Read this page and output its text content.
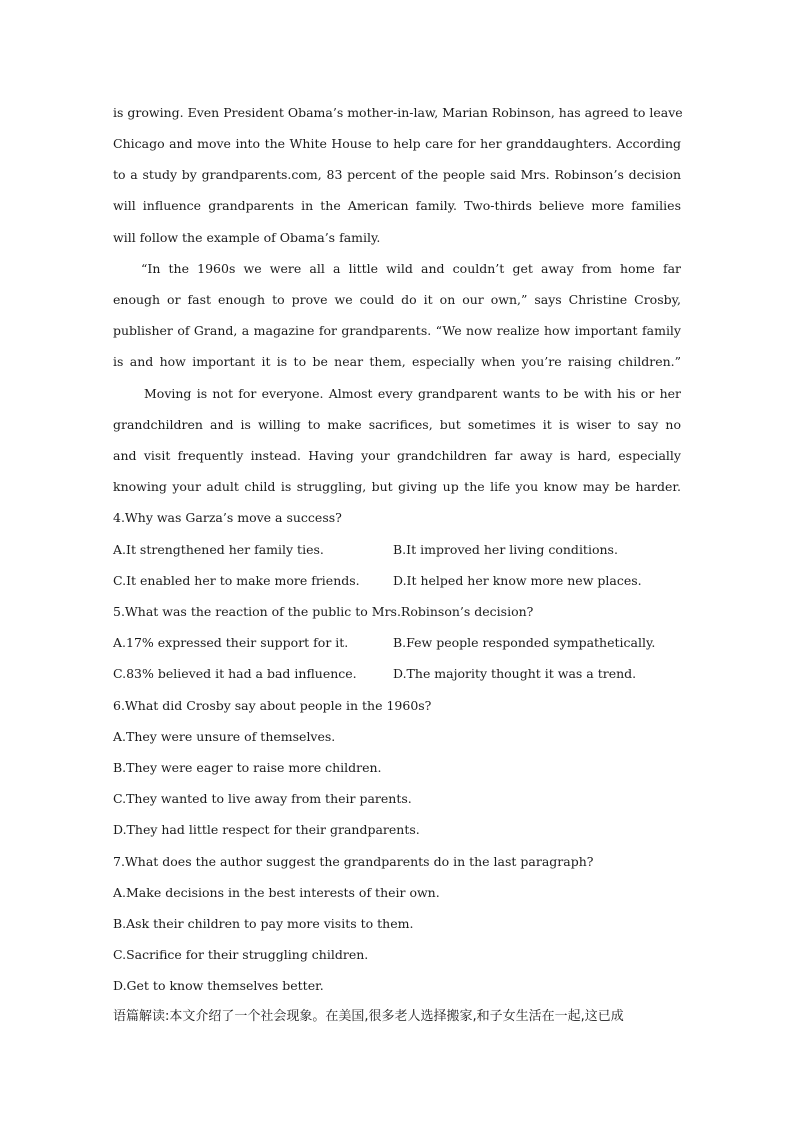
is growing. Even President Obama’s mother-in-law, Marian Robinson, has agreed to leave
Chicago and move into the White House to help care for her granddaughters. According
to a study by grandparents.com, 83 percent of the people said Mrs. Robinson’s decision
will influence grandparents in the American family. Two-thirds believe more families
will follow the example of Obama’s family.
“In the 1960s we were all a little wild and couldn’t get away from home far
enough or fast enough to prove we could do it on our own,” says Christine Crosby,
publisher of Grand, a magazine for grandparents. “We now realize how important family
is and how important it is to be near them, especially when you’re raising children.”
Moving is not for everyone. Almost every grandparent wants to be with his or her
grandchildren and is willing to make sacrifices, but sometimes it is wiser to say no
and visit frequently instead. Having your grandchildren far away is hard, especially
knowing your adult child is struggling, but giving up the life you know may be harder.
4.Why was Garza’s move a success?
A.It strengthened her family ties.	B.It improved her living conditions.
C.It enabled her to make more friends.	D.It helped her know more new places.
5.What was the reaction of the public to Mrs.Robinson’s decision?
A.17% expressed their support for it.	B.Few people responded sympathetically.
C.83% believed it had a bad influence.	D.The majority thought it was a trend.
6.What did Crosby say about people in the 1960s?
A.They were unsure of themselves.
B.They were eager to raise more children.
C.They wanted to live away from their parents.
D.They had little respect for their grandparents.
7.What does the author suggest the grandparents do in the last paragraph?
A.Make decisions in the best interests of their own.
B.Ask their children to pay more visits to them.
C.Sacrifice for their struggling children.
D.Get to know themselves better.
语篇解读:本文介绍了一个社会现象。在美国,很多老人选择搬家,和子女生活在一起,这已成
